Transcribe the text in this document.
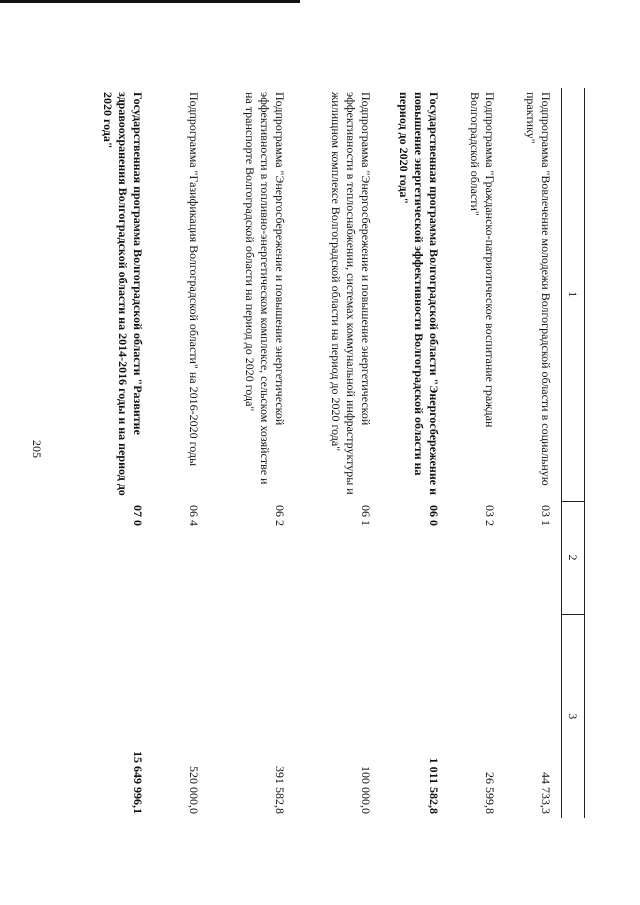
205
1	2	3
Подпрограмма "Вовлечение молодежи Волгоградской области в социальную практику"	03 1	44 733,3
Подпрограмма "Гражданско-патриотическое воспитание граждан Волгоградской области"	03 2	26 599,8
Государственная программа Волгоградской области "Энергосбережение и повышение энергетической эффективности Волгоградской области на период до 2020 года"	06 0	1 011 582,8
Подпрограмма "Энергосбережение и повышение энергетической эффективности в теплоснабжении, системах коммунальной инфраструктуры и жилищном комплексе Волгоградской области на период до 2020 года"	06 1	100 000,0
Подпрограмма "Энергосбережение и повышение энергетической эффективности в топливно-энергетическом комплексе, сельском хозяйстве и на транспорте Волгоградской области на период до 2020 года"	06 2	391 582,8
Подпрограмма "Газификация Волгоградской области" на 2016-2020 годы	06 4	520 000,0
Государственная программа Волгоградской области "Развитие здравоохранения Волгоградской области на 2014-2016 годы и на период до 2020 года"	07 0	15 649 996,1
